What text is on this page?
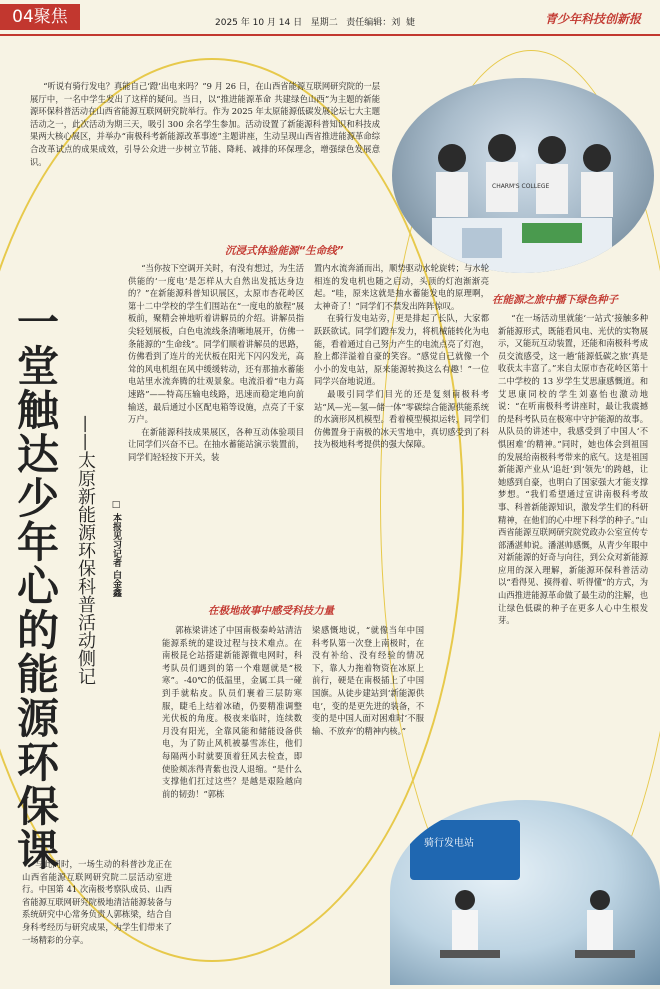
04聚焦	2025 年 10 月 14 日   星期二   责任编辑：刘  婕	青少年科技创新报
CHARM'S COLLEGE

“听说有骑行发电？真能自己‘蹬’出电来吗？”9 月 26 日，在山西省能源互联网研究院的一层展厅中，一名中学生发出了这样的疑问。当日，以“推进能源革命 共建绿色山西”为主题的新能源环保科普活动在山西省能源互联网研究院举行。作为 2025 年太原能源低碳发展论坛七大主题活动之一，此次活动为期三天，吸引 300 余名学生参加。活动设置了新能源科普知识和科技成果两大核心展区，并举办“南极科考新能源改革事迹”主题讲座，生动呈现山西省推进能源革命综合改革试点的成果成效，引导公众进一步树立节能、降耗、减排的环保理念，增强绿色发展意识。

一堂触达少年心的能源环保课 ——太原新能源环保科普活动侧记 □ 本报见习记者 白金鑫
沉浸式体验能源“生命线”

“当你按下空调开关时，有没有想过，为生活供能的‘一度电’是怎样从大自然出发抵达身边的？”在新能源科普知识展区，太原市杏花岭区第十二中学校的学生们围站在“一度电的旅程”展板前，聚精会神地听着讲解员的介绍。讲解员指尖轻划展板，白色电流线条清晰地展开，仿佛一条能源的“生命线”。同学们顺着讲解员的思路，仿佛看到了连片的光伏板在阳光下闪闪发光，高耸的风电机组在风中缓缓转动，还有那抽水蓄能电站里水流奔腾的壮观景象。电流沿着“电力高速路”——特高压输电线路，迅速而稳定地向前输送，最后通过小区配电箱等设施，点亮了千家万户。

在新能源科技成果展区，各种互动体验项目让同学们兴奋不已。在抽水蓄能站演示装置前，同学们轻轻按下开关，装

置内水流奔涌而出，顺势驱动水轮旋转；与水轮相连的发电机也随之启动，头顶的灯泡渐渐亮起。“哇，原来这就是抽水蓄能发电的原理啊，太神奇了！”同学们不禁发出阵阵惊叹。

在骑行发电站旁，更是排起了长队，大家都跃跃欲试。同学们蹬车发力，将机械能转化为电能，看着通过自己努力产生的电流点亮了灯泡，脸上都洋溢着自豪的笑容。“感觉自己就像一个小小的发电站，原来能源转换这么有趣！”一位同学兴奋地说道。

最吸引同学们目光的还是复刻南极科考站“风—光—氢—储一体”零碳综合能源供能系统的水滴形风机模型。看着模型模拟运转，同学们仿佛置身于南极的冰天雪地中，真切感受到了科技为极地科考提供的强大保障。

在极地故事中感受科技力量

与此同时，一场生动的科普沙龙正在山西省能源互联网研究院二层活动室进行。中国第 41 次南极考察队成员、山西省能源互联网研究院极地清洁能源装备与系统研究中心常务负责人郭栋梁，结合自身科考经历与研究成果，为学生们带来了一场精彩的分享。

郭栋梁讲述了中国南极秦岭站清洁能源系统的建设过程与技术难点。在南极昆仑站搭建新能源微电网时，科考队员们遇到的第一个难题就是“极寒”。-40℃的低温里，金属工具一碰到手就粘皮。队员们裹着三层防寒服，睫毛上结着冰碴，仍要精准调整光伏板的角度。极夜来临时，连续数月没有阳光，全靠风能和储能设备供电，为了防止风机被暴雪冻住，他们每隔两小时就要顶着狂风去检查，即使脸颊冻得青紫也没人退缩。“是什么支撑他们扛过这些？是越是艰险越向前的韧劲！”郭栋

梁感慨地说，“就像当年中国科考队第一次登上南极时，在没有补给、没有经验的情况下，靠人力拖着物资在冰原上前行，硬是在南极插上了中国国旗。从徒步建站到‘新能源供电’，变的是更先进的装备，不变的是中国人面对困难时‘不服输、不放弃’的精神内核。”

在能源之旅中播下绿色种子

“在一场活动里就能‘一站式’接触多种新能源形式，既能看风电、光伏的实物展示，又能玩互动装置，还能和南极科考成员交流感受，这一趟‘能源低碳之旅’真是收获太丰富了。”来自太原市杏花岭区第十二中学校的 13 岁学生艾思康感慨道。和艾思康同校的学生刘嘉怡也激动地说：“在听南极科考讲座时，最让我震撼的是科考队员在极寒中守护能源的故事。从队员的讲述中，我感受到了中国人‘不惧困难’的精神。”同时，她也体会到祖国的发展给南极科考带来的底气。这是祖国新能源产业从‘追赶’到‘领先’的跨越，让她感到自豪，也明白了国家强大才能支撑梦想。“我们希望通过宣讲南极科考故事、科普新能源知识，激发学生们的科研精神，在他们的心中埋下科学的种子。”山西省能源互联网研究院党政办公室宣传专部潘湛帅说。潘湛帅感慨，从青少年眼中对新能源的好奇与向往，到公众对新能源应用的深入理解，新能源环保科普活动以“看得见、摸得着、听得懂”的方式，为山西推进能源革命做了最生动的注解，也让绿色低碳的种子在更多人心中生根发芽。

骑行发电站
